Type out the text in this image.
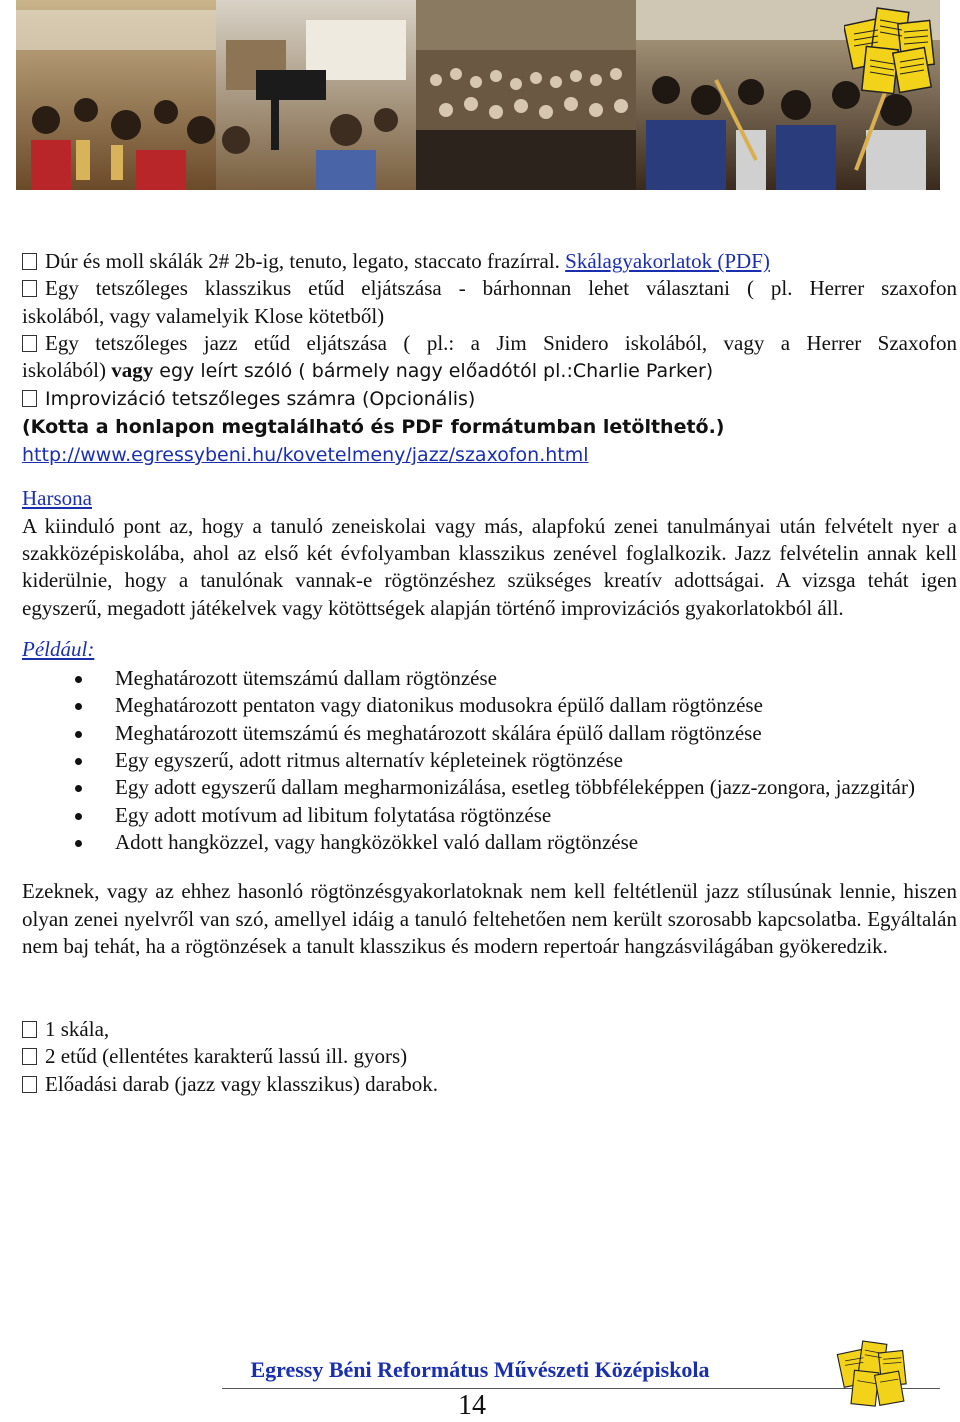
Dúr és moll skálák 2# 2b-ig, tenuto, legato, staccato frazírral. Skálagyakorlatok (PDF)
Egy tetszőleges klasszikus etűd eljátszása - bárhonnan lehet választani ( pl. Herrer szaxofon
iskolából, vagy valamelyik Klose kötetből)
Egy tetszőleges jazz etűd eljátszása ( pl.: a Jim Snidero iskolából, vagy a Herrer Szaxofon
iskolából) vagy egy leírt szóló ( bármely nagy előadótól pl.:Charlie Parker)
Improvizáció tetszőleges számra (Opcionális)
(Kotta a honlapon megtalálható és PDF formátumban letölthető.)
http://www.egressybeni.hu/kovetelmeny/jazz/szaxofon.html
Harsona
A kiinduló pont az, hogy a tanuló zeneiskolai vagy más, alapfokú zenei tanulmányai után felvételt nyer a szakközépiskolába, ahol az első két évfolyamban klasszikus zenével foglalkozik. Jazz felvételin annak kell kiderülnie, hogy a tanulónak vannak-e rögtönzéshez szükséges kreatív adottságai. A vizsga tehát igen egyszerű, megadott játékelvek vagy kötöttségek alapján történő improvizációs gyakorlatokból áll.
Például:
Meghatározott ütemszámú dallam rögtönzése
Meghatározott pentaton vagy diatonikus modusokra épülő dallam rögtönzése
Meghatározott ütemszámú és meghatározott skálára épülő dallam rögtönzése
Egy egyszerű, adott ritmus alternatív képleteinek rögtönzése
Egy adott egyszerű dallam megharmonizálása, esetleg többféleképpen (jazz-zongora, jazzgitár)
Egy adott motívum ad libitum folytatása rögtönzése
Adott hangközzel, vagy hangközökkel való dallam rögtönzése
Ezeknek, vagy az ehhez hasonló rögtönzésgyakorlatoknak nem kell feltétlenül jazz stílusúnak lennie, hiszen olyan zenei nyelvről van szó, amellyel idáig a tanuló feltehetően nem került szorosabb kapcsolatba. Egyáltalán nem baj tehát, ha a rögtönzések a tanult klasszikus és modern repertoár hangzásvilágában gyökeredzik.
1 skála,
2 etűd (ellentétes karakterű lassú ill. gyors)
Előadási darab (jazz vagy klasszikus) darabok.
Egressy Béni Református Művészeti Középiskola
14
